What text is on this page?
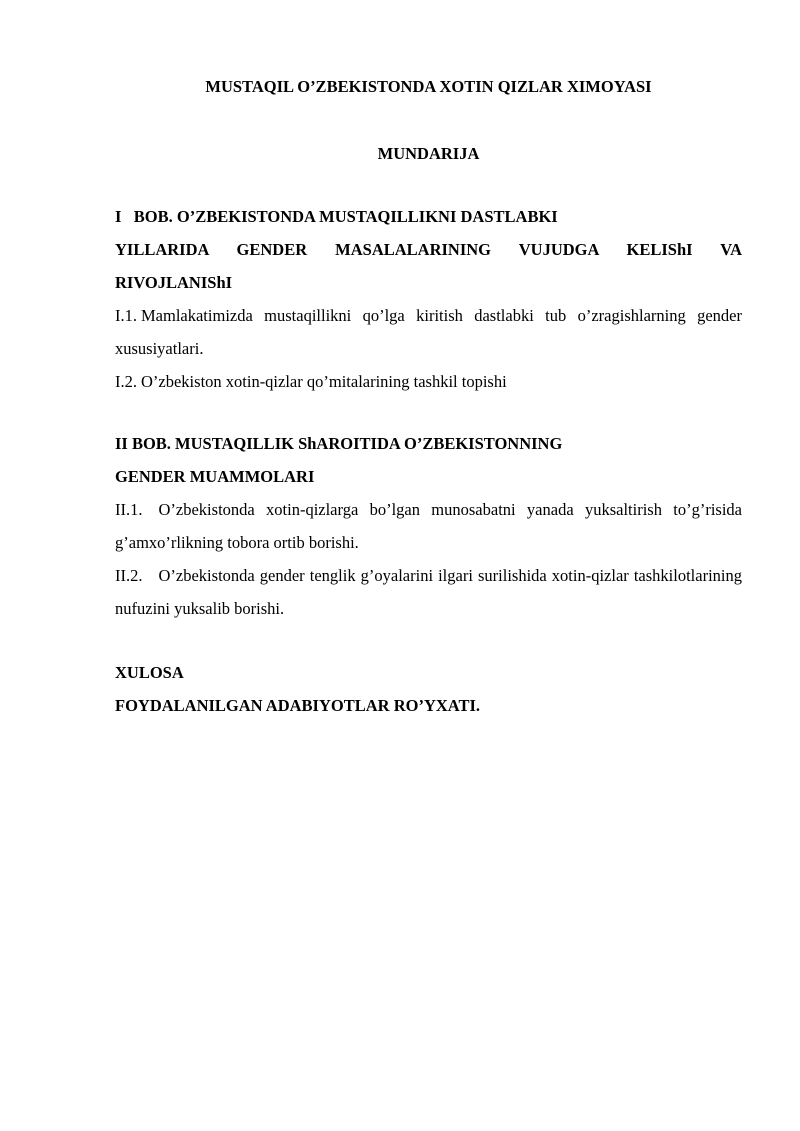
MUSTAQIL O’ZBEKISTONDA XOTIN QIZLAR XIMOYASI

MUNDARIJA

I   BOB. O’ZBEKISTONDA MUSTAQILLIKNI DASTLABKI

YILLARIDA GENDER MASALALARINING VUJUDGA KELIShI VA RIVOJLANIShI

I.1. Mamlakatimizda mustaqillikni qo’lga kiritish dastlabki tub o’zragishlarning gender xususiyatlari.

I.2. O’zbekiston xotin-qizlar qo’mitalarining tashkil topishi

II BOB. MUSTAQILLIK ShAROITIDA O’ZBEKISTONNING

GENDER MUAMMOLARI

II.1. O’zbekistonda xotin-qizlarga bo’lgan munosabatni yanada yuksaltirish to’g’risida g’amxo’rlikning tobora ortib borishi.

II.2. O’zbekistonda gender tenglik g’oyalarini ilgari surilishida xotin-qizlar tashkilotlarining nufuzini yuksalib borishi.

XULOSA

FOYDALANILGAN ADABIYOTLAR RO’YXATI.
